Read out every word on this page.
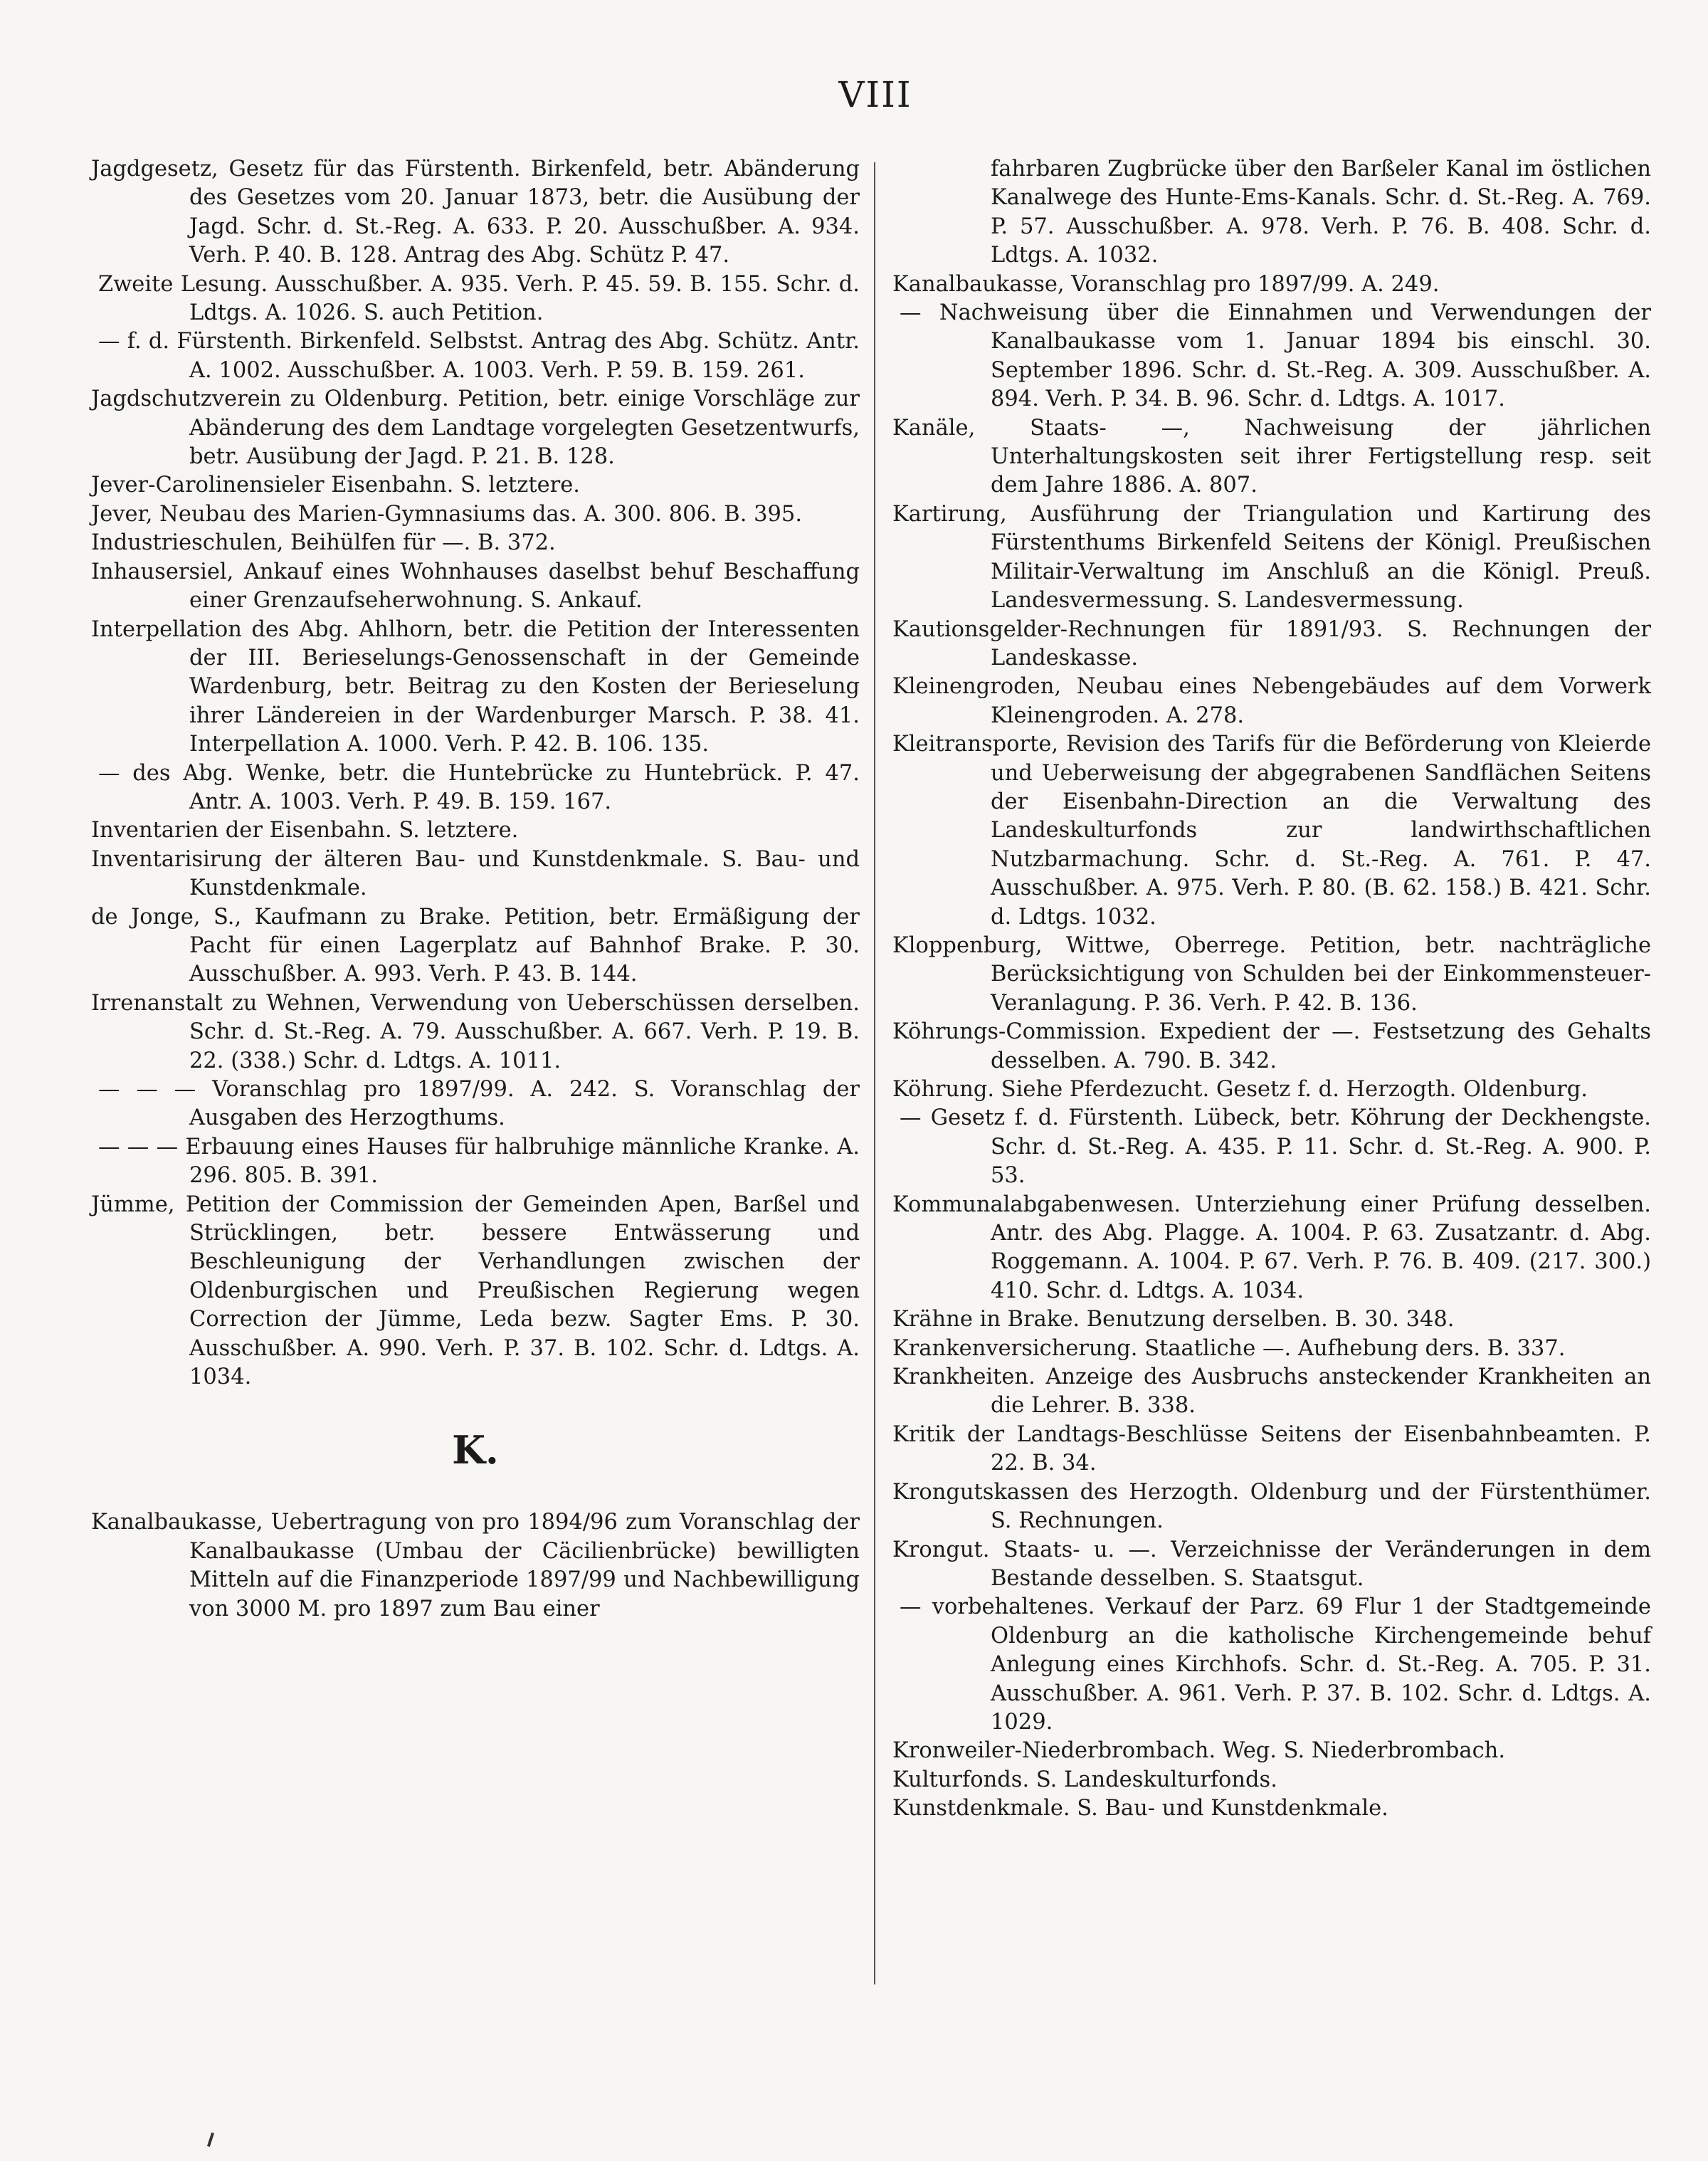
VIII
Jagdgesetz, Gesetz für das Fürstenth. Birkenfeld, betr. Abänderung des Gesetzes vom 20. Januar 1873, betr. die Ausübung der Jagd. Schr. d. St.-Reg. A. 633. P. 20. Ausschußber. A. 934. Verh. P. 40. B. 128. Antrag des Abg. Schütz P. 47.
Zweite Lesung. Ausschußber. A. 935. Verh. P. 45. 59. B. 155. Schr. d. Ldtgs. A. 1026. S. auch Petition.
— f. d. Fürstenth. Birkenfeld. Selbstst. Antrag des Abg. Schütz. Antr. A. 1002. Ausschußber. A. 1003. Verh. P. 59. B. 159. 261.
Jagdschutzverein zu Oldenburg. Petition, betr. einige Vorschläge zur Abänderung des dem Landtage vorgelegten Gesetzentwurfs, betr. Ausübung der Jagd. P. 21. B. 128.
Jever-Carolinensieler Eisenbahn. S. letztere.
Jever, Neubau des Marien-Gymnasiums das. A. 300. 806. B. 395.
Industrieschulen, Beihülfen für —. B. 372.
Inhausersiel, Ankauf eines Wohnhauses daselbst behuf Beschaffung einer Grenzaufseherwohnung. S. Ankauf.
Interpellation des Abg. Ahlhorn, betr. die Petition der Interessenten der III. Berieselungs-Genossenschaft in der Gemeinde Wardenburg, betr. Beitrag zu den Kosten der Berieselung ihrer Ländereien in der Wardenburger Marsch. P. 38. 41. Interpellation A. 1000. Verh. P. 42. B. 106. 135.
— des Abg. Wenke, betr. die Huntebrücke zu Huntebrück. P. 47. Antr. A. 1003. Verh. P. 49. B. 159. 167.
Inventarien der Eisenbahn. S. letztere.
Inventarisirung der älteren Bau- und Kunstdenkmale. S. Bau- und Kunstdenkmale.
de Jonge, S., Kaufmann zu Brake. Petition, betr. Ermäßigung der Pacht für einen Lagerplatz auf Bahnhof Brake. P. 30. Ausschußber. A. 993. Verh. P. 43. B. 144.
Irrenanstalt zu Wehnen, Verwendung von Ueberschüssen derselben. Schr. d. St.-Reg. A. 79. Ausschußber. A. 667. Verh. P. 19. B. 22. (338.) Schr. d. Ldtgs. A. 1011.
— — — Voranschlag pro 1897/99. A. 242. S. Voranschlag der Ausgaben des Herzogthums.
— — — Erbauung eines Hauses für halbruhige männliche Kranke. A. 296. 805. B. 391.
Jümme, Petition der Commission der Gemeinden Apen, Barßel und Strücklingen, betr. bessere Entwässerung und Beschleunigung der Verhandlungen zwischen der Oldenburgischen und Preußischen Regierung wegen Correction der Jümme, Leda bezw. Sagter Ems. P. 30. Ausschußber. A. 990. Verh. P. 37. B. 102. Schr. d. Ldtgs. A. 1034.
K.
Kanalbaukasse, Uebertragung von pro 1894/96 zum Voranschlag der Kanalbaukasse (Umbau der Cäcilienbrücke) bewilligten Mitteln auf die Finanzperiode 1897/99 und Nachbewilligung von 3000 M. pro 1897 zum Bau einer
fahrbaren Zugbrücke über den Barßeler Kanal im östlichen Kanalwege des Hunte-Ems-Kanals. Schr. d. St.-Reg. A. 769. P. 57. Ausschußber. A. 978. Verh. P. 76. B. 408. Schr. d. Ldtgs. A. 1032.
Kanalbaukasse, Voranschlag pro 1897/99. A. 249.
— Nachweisung über die Einnahmen und Verwendungen der Kanalbaukasse vom 1. Januar 1894 bis einschl. 30. September 1896. Schr. d. St.-Reg. A. 309. Ausschußber. A. 894. Verh. P. 34. B. 96. Schr. d. Ldtgs. A. 1017.
Kanäle, Staats- —, Nachweisung der jährlichen Unterhaltungskosten seit ihrer Fertigstellung resp. seit dem Jahre 1886. A. 807.
Kartirung, Ausführung der Triangulation und Kartirung des Fürstenthums Birkenfeld Seitens der Königl. Preußischen Militair-Verwaltung im Anschluß an die Königl. Preuß. Landesvermessung. S. Landesvermessung.
Kautionsgelder-Rechnungen für 1891/93. S. Rechnungen der Landeskasse.
Kleinengroden, Neubau eines Nebengebäudes auf dem Vorwerk Kleinengroden. A. 278.
Kleitransporte, Revision des Tarifs für die Beförderung von Kleierde und Ueberweisung der abgegrabenen Sandflächen Seitens der Eisenbahn-Direction an die Verwaltung des Landeskulturfonds zur landwirthschaftlichen Nutzbarmachung. Schr. d. St.-Reg. A. 761. P. 47. Ausschußber. A. 975. Verh. P. 80. (B. 62. 158.) B. 421. Schr. d. Ldtgs. 1032.
Kloppenburg, Wittwe, Oberrege. Petition, betr. nachträgliche Berücksichtigung von Schulden bei der Einkommensteuer-Veranlagung. P. 36. Verh. P. 42. B. 136.
Köhrungs-Commission. Expedient der —. Festsetzung des Gehalts desselben. A. 790. B. 342.
Köhrung. Siehe Pferdezucht. Gesetz f. d. Herzogth. Oldenburg.
— Gesetz f. d. Fürstenth. Lübeck, betr. Köhrung der Deckhengste. Schr. d. St.-Reg. A. 435. P. 11. Schr. d. St.-Reg. A. 900. P. 53.
Kommunalabgabenwesen. Unterziehung einer Prüfung desselben. Antr. des Abg. Plagge. A. 1004. P. 63. Zusatzantr. d. Abg. Roggemann. A. 1004. P. 67. Verh. P. 76. B. 409. (217. 300.) 410. Schr. d. Ldtgs. A. 1034.
Krähne in Brake. Benutzung derselben. B. 30. 348.
Krankenversicherung. Staatliche —. Aufhebung ders. B. 337.
Krankheiten. Anzeige des Ausbruchs ansteckender Krankheiten an die Lehrer. B. 338.
Kritik der Landtags-Beschlüsse Seitens der Eisenbahnbeamten. P. 22. B. 34.
Krongutskassen des Herzogth. Oldenburg und der Fürstenthümer. S. Rechnungen.
Krongut. Staats- u. —. Verzeichnisse der Veränderungen in dem Bestande desselben. S. Staatsgut.
— vorbehaltenes. Verkauf der Parz. 69 Flur 1 der Stadtgemeinde Oldenburg an die katholische Kirchengemeinde behuf Anlegung eines Kirchhofs. Schr. d. St.-Reg. A. 705. P. 31. Ausschußber. A. 961. Verh. P. 37. B. 102. Schr. d. Ldtgs. A. 1029.
Kronweiler-Niederbrombach. Weg. S. Niederbrombach.
Kulturfonds. S. Landeskulturfonds.
Kunstdenkmale. S. Bau- und Kunstdenkmale.
